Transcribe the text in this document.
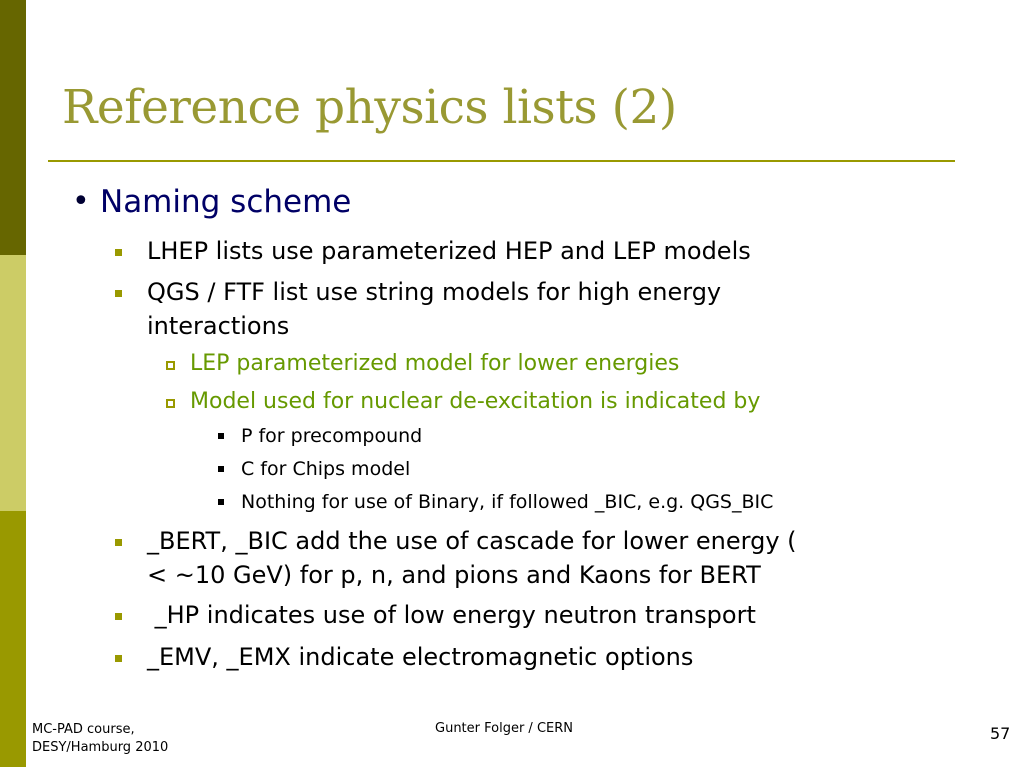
Reference physics lists (2)
• Naming scheme
LHEP lists use parameterized HEP and LEP models
QGS / FTF list use string models for high energy
interactions
LEP parameterized model for lower energies
Model used for nuclear de-excitation is indicated by
P for precompound
C for Chips model
Nothing for use of Binary, if followed _BIC, e.g. QGS_BIC
_BERT, _BIC add the use of cascade for lower energy (
< ~10 GeV) for p, n, and pions and Kaons for BERT
_HP indicates use of low energy neutron transport
_EMV, _EMX indicate electromagnetic options
MC-PAD course,
DESY/Hamburg 2010
Gunter Folger / CERN	57
